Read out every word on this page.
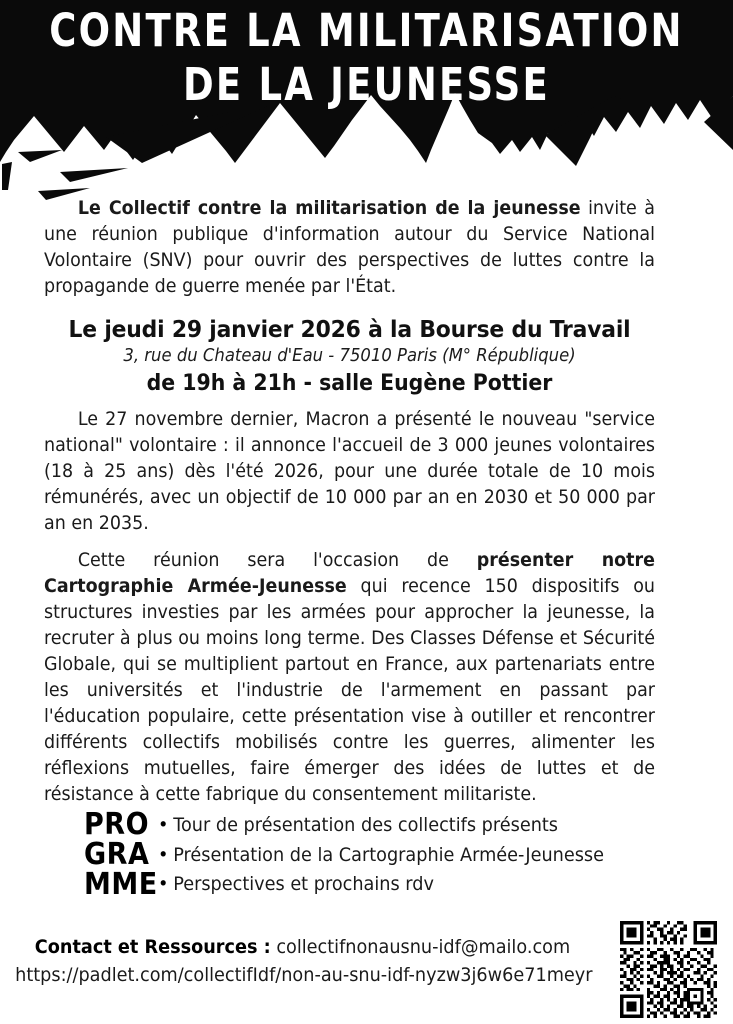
CONTRE LA MILITARISATION
DE LA JEUNESSE

Le Collectif contre la militarisation de la jeunesse invite à une réunion publique d'information autour du Service National Volontaire (SNV) pour ouvrir des perspectives de luttes contre la propagande de guerre menée par l'État.

Le jeudi 29 janvier 2026 à la Bourse du Travail
3, rue du Chateau d'Eau - 75010 Paris (M° République)
de 19h à 21h - salle Eugène Pottier

Le 27 novembre dernier, Macron a présenté le nouveau "service national" volontaire : il annonce l'accueil de 3 000 jeunes volontaires (18 à 25 ans) dès l'été 2026, pour une durée totale de 10 mois rémunérés, avec un objectif de 10 000 par an en 2030 et 50 000 par an en 2035.

Cette réunion sera l'occasion de présenter notre Cartographie Armée-Jeunesse qui recence 150 dispositifs ou structures investies par les armées pour approcher la jeunesse, la recruter à plus ou moins long terme. Des Classes Défense et Sécurité Globale, qui se multiplient partout en France, aux partenariats entre les universités et l'industrie de l'armement en passant par l'éducation populaire, cette présentation vise à outiller et rencontrer différents collectifs mobilisés contre les guerres, alimenter les réflexions mutuelles, faire émerger des idées de luttes et de résistance à cette fabrique du consentement militariste.

PRO
GRA
MME
• Tour de présentation des collectifs présents
• Présentation de la Cartographie Armée-Jeunesse
• Perspectives et prochains rdv
Contact et Ressources : collectifnonausnu-idf@mailo.com
https://padlet.com/collectifIdf/non-au-snu-idf-nyzw3j6w6e71meyr
